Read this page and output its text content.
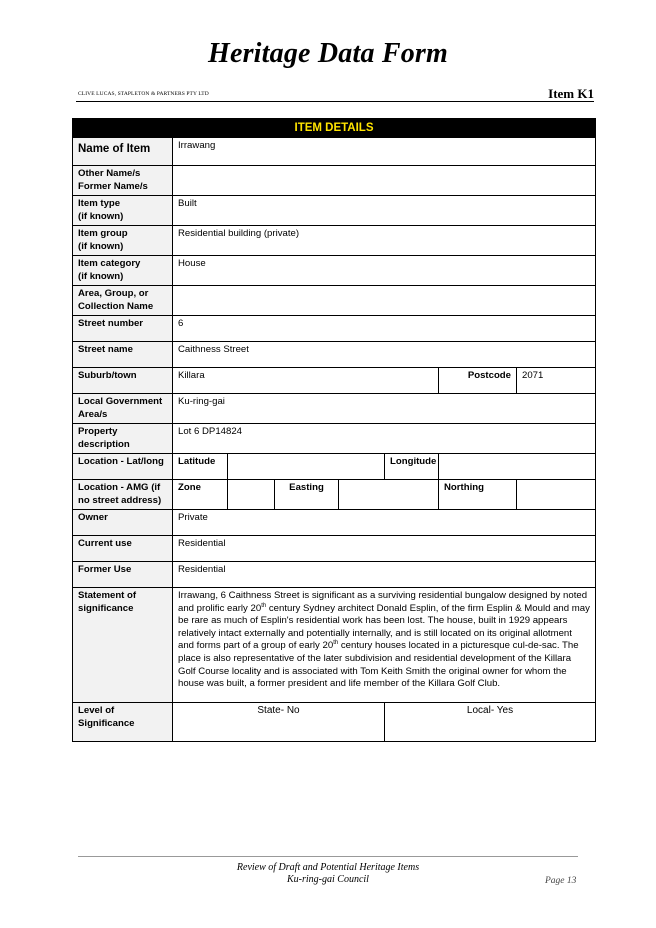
Heritage Data Form
CLIVE LUCAS, STAPLETON & PARTNERS PTY LTD	Item K1
ITEM DETAILS							
Name of Item	Irrawang						

Other Name/s
Former Name/s							

Item type
(if known)	Built						

Item group
(if known)	Residential building (private)						

Item category
(if known)	House						

Area, Group, or
Collection Name							

Street number	6						
Street name	Caithness Street						
Suburb/town	Killara					Postcode	2071

Local Government
Area/s	Ku-ring-gai						

Property
description	Lot 6 DP14824						
Location - Lat/long	Latitude				Longitude		

Location - AMG (if
no street address)	Zone		Easting			Northing	
Owner	Private						
Current use	Residential						
Former Use	Residential						

Statement of
significance	Irrawang, 6 Caithness Street is significant as a surviving residential bungalow designed by noted and prolific early 20th century Sydney architect Donald Esplin, of the firm Esplin & Mould and may be rare as much of Esplin's residential work has been lost. The house, built in 1929 appears relatively intact externally and potentially internally, and is still located on its original allotment and forms part of a group of early 20th century houses located in a picturesque cul-de-sac. The place is also representative of the later subdivision and residential development of the Killara Golf Course locality and is associated with Tom Keith Smith the original owner for whom the house was built, a former president and life member of the Killara Golf Club.						

Level of
Significance	State- No				Local- Yes		
Review of Draft and Potential Heritage Items
Ku-ring-gai Council	Page 13
